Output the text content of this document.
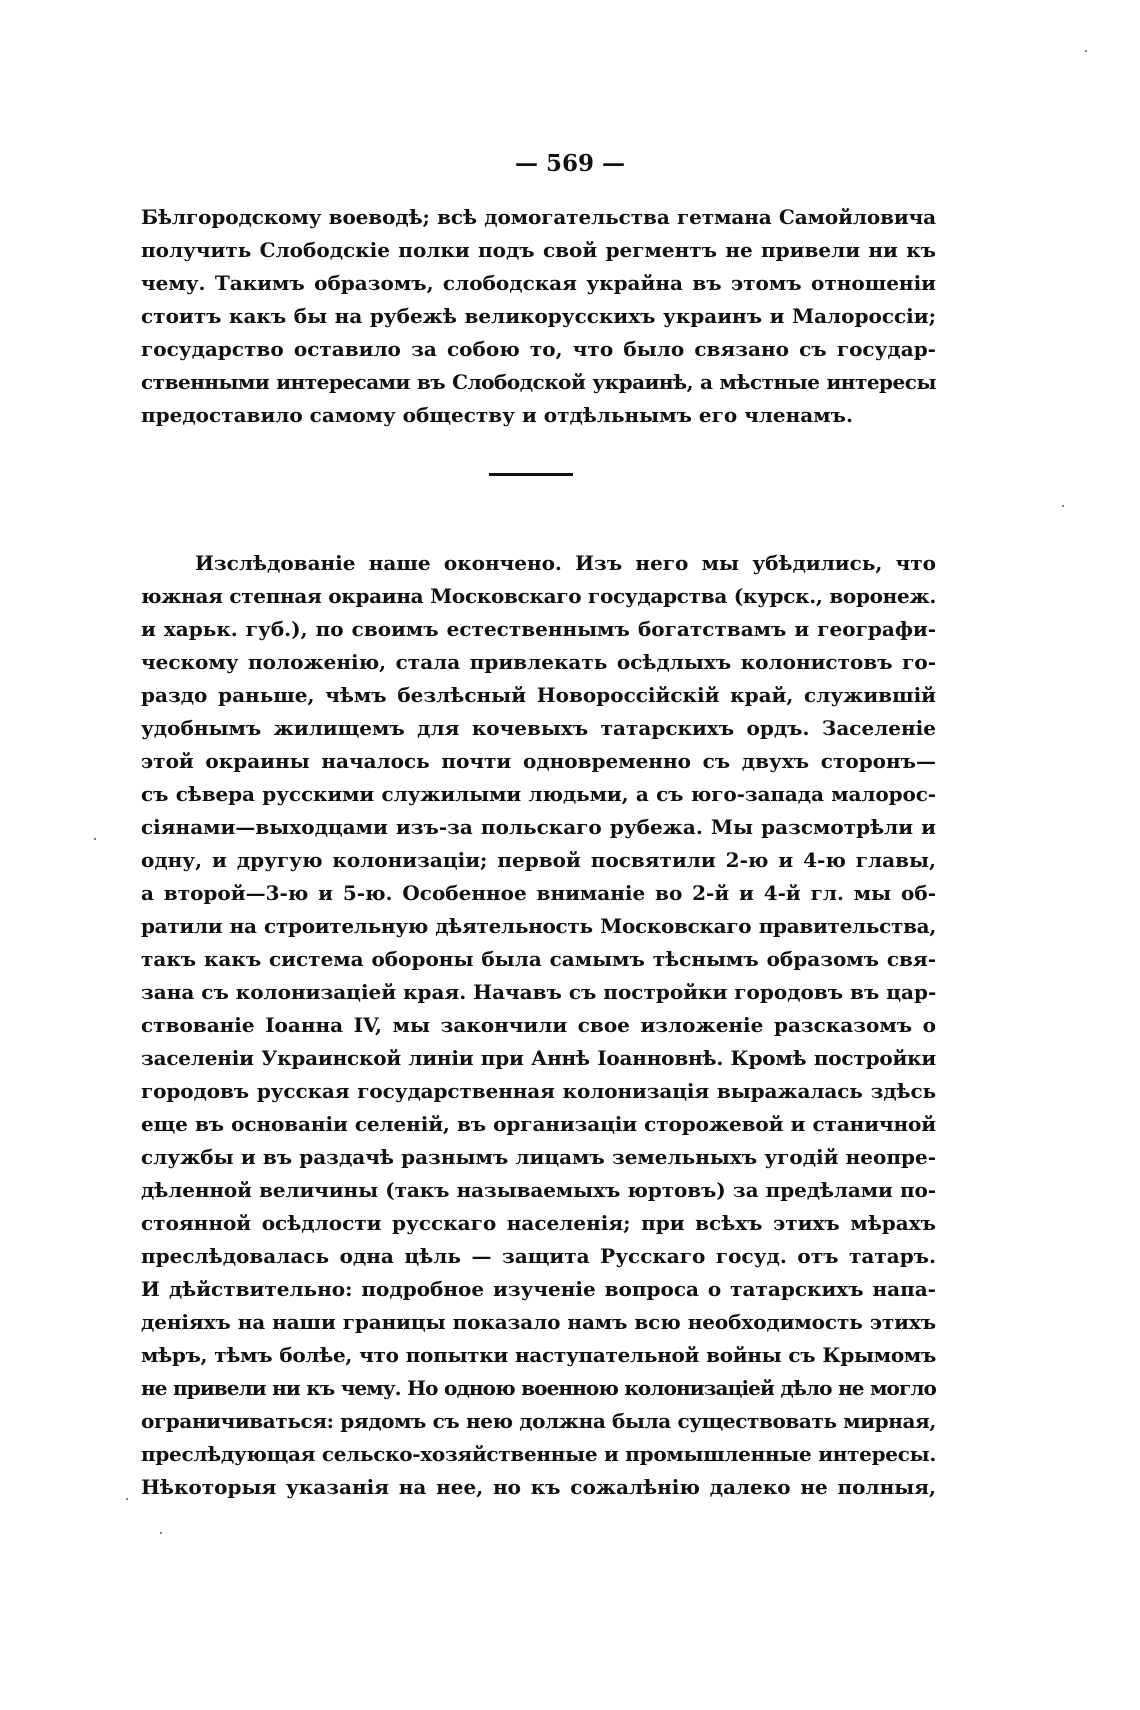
— 569 —
Бѣлгородскому воеводѣ; всѣ домогательства гетмана Самойловича
получить Слободскіе полки подъ свой регментъ не привели ни къ
чему. Такимъ образомъ, слободская украйна въ этомъ отношеніи
стоитъ какъ бы на рубежѣ великорусскихъ украинъ и Малороссіи;
государство оставило за собою то, что было связано съ государ-
ственными интересами въ Слободской украинѣ, а мѣстные интересы
предоставило самому обществу и отдѣльнымъ его членамъ.
Изслѣдованіе наше окончено. Изъ него мы убѣдились, что
южная степная окраина Московскаго государства (курск., воронеж.
и харьк. губ.), по своимъ естественнымъ богатствамъ и географи-
ческому положенію, стала привлекать осѣдлыхъ колонистовъ го-
раздо раньше, чѣмъ безлѣсный Новороссійскій край, служившій
удобнымъ жилищемъ для кочевыхъ татарскихъ ордъ. Заселеніе
этой окраины началось почти одновременно съ двухъ сторонъ—
съ сѣвера русскими служилыми людьми, а съ юго-запада малорос-
сіянами—выходцами изъ-за польскаго рубежа. Мы разсмотрѣли и
одну, и другую колонизаціи; первой посвятили 2-ю и 4-ю главы,
а второй—3-ю и 5-ю. Особенное вниманіе во 2-й и 4-й гл. мы об-
ратили на строительную дѣятельность Московскаго правительства,
такъ какъ система обороны была самымъ тѣснымъ образомъ свя-
зана съ колонизаціей края. Начавъ съ постройки городовъ въ цар-
ствованіе Іоанна IV, мы закончили свое изложеніе разсказомъ о
заселеніи Украинской линіи при Аннѣ Іоанновнѣ. Кромѣ постройки
городовъ русская государственная колонизація выражалась здѣсь
еще въ основаніи селеній, въ организаціи сторожевой и станичной
службы и въ раздачѣ разнымъ лицамъ земельныхъ угодій неопре-
дѣленной величины (такъ называемыхъ юртовъ) за предѣлами по-
стоянной осѣдлости русскаго населенія; при всѣхъ этихъ мѣрахъ
преслѣдовалась одна цѣль — защита Русскаго госуд. отъ татаръ.
И дѣйствительно: подробное изученіе вопроса о татарскихъ напа-
деніяхъ на наши границы показало намъ всю необходимость этихъ
мѣръ, тѣмъ болѣе, что попытки наступательной войны съ Крымомъ
не привели ни къ чему. Но одною военною колонизаціей дѣло не могло
ограничиваться: рядомъ съ нею должна была существовать мирная,
преслѣдующая сельско-хозяйственные и промышленные интересы.
Нѣкоторыя указанія на нее, но къ сожалѣнію далеко не полныя,
